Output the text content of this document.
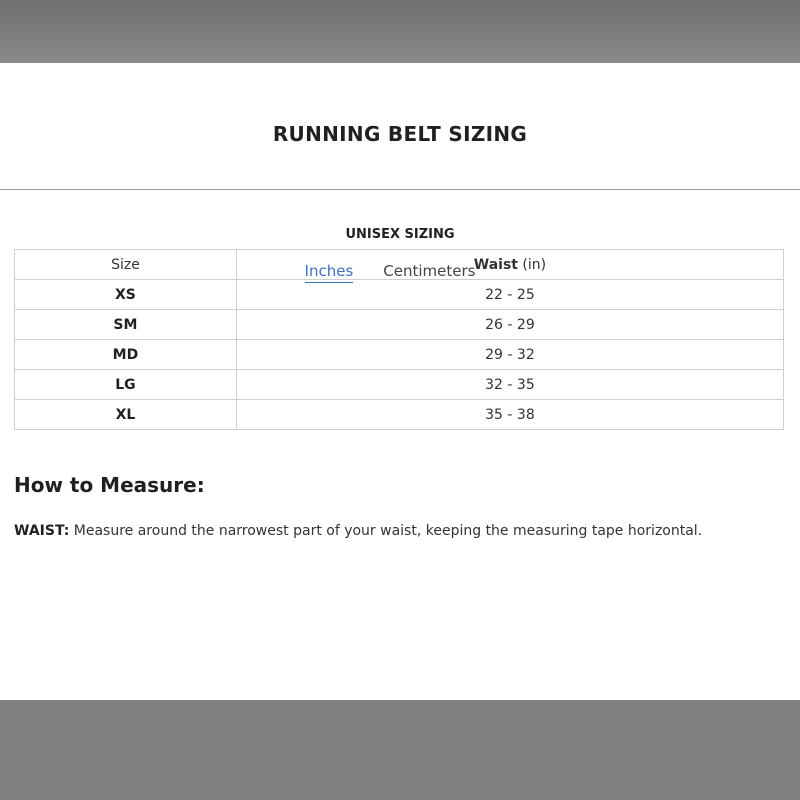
RUNNING BELT SIZING
UNISEX SIZING
Inches Centimeters
Size	Waist (in)
XS	22 - 25
SM	26 - 29
MD	29 - 32
LG	32 - 35
XL	35 - 38
How to Measure:

WAIST: Measure around the narrowest part of your waist, keeping the measuring tape horizontal.
